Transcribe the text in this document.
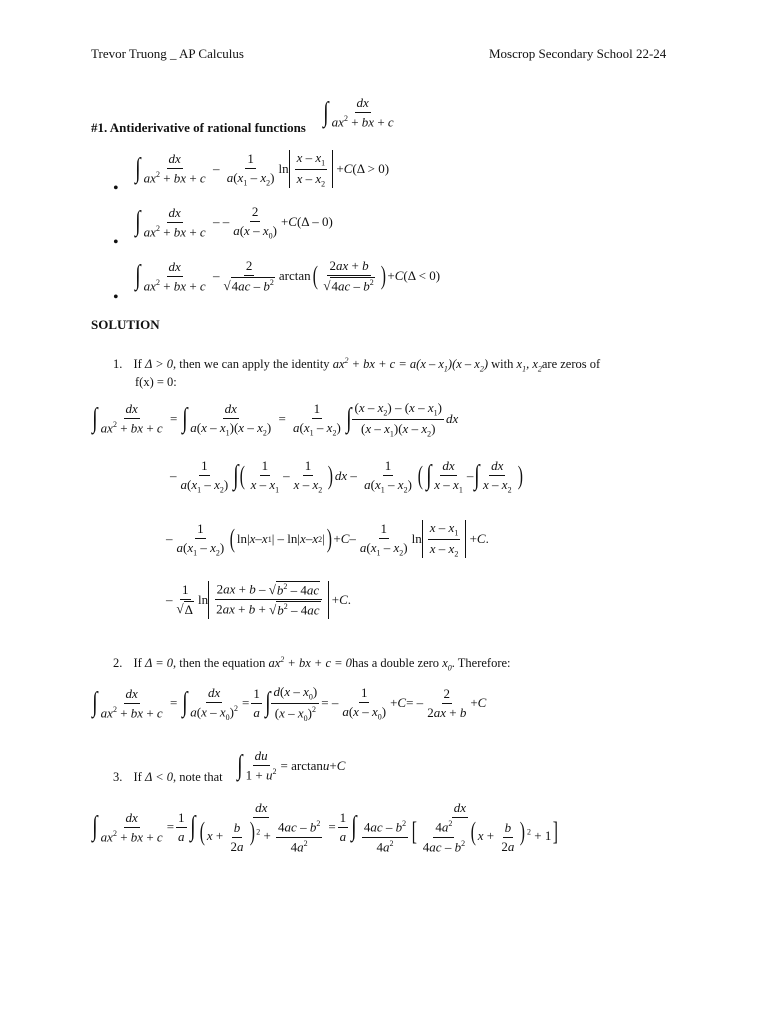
Trevor Truong _ AP Calculus	Moscrop Secondary School 22-24
#1. Antiderivative of rational functions ∫ $\frac{dx}{ax^2 + bx + c}$
•
∫ $\frac{dx}{ax^2 + bx + c} - \frac{1}{a(x_1 - x_2)}$ $\ln \frac{x - x_1}{x - x_2} + C$ (Δ > 0)
•
∫ $\frac{dx}{ax^2 + bx + c}$ – – $\frac{2}{a(x - x_0)} + C$ (Δ – 0)
•
∫ $\frac{dx}{ax^2 + bx + c} - \frac{2}{√ 4ac - b^2}$ arctan ( $\frac{2ax + b}{√ 4ac - b^2}$ ) + C (Δ < 0)
SOLUTION
1. If Δ > 0, then we can apply the identity $ax^2$ + bx + $c = a(x - x_1)(x - x_2)$ with $x_1$, $x_2are$ zeros of
f(x) = 0:
∫ $\frac{dx}{ax^2 + bx + c}$ = ∫ $\frac{dx}{a(x - x_1)(x - x_2)} = \frac{1}{a(x_1 - x_2)}$ ∫ $\frac{(x - x_2) - (x - x_1)}{(x - x_1)(x - x_2)}$ dx
– $\frac{1}{a(x_1 - x_2)}$ ∫ ( $\frac{1}{x - x_1} - \frac{1}{x - x_2}$ ) dx – $\frac{1}{a(x_1 - x_2)}$ ( ∫ $\frac{dx}{x - x_1}$ – ∫ $\frac{dx}{x - x_2}$ )
– $\frac{1}{a(x_1 - x_2)}$ ( ln| x – x 1 | – ln| x – x 2 | ) + C – $\frac{1}{a(x_1 - x_2)}$ $\ln \frac{x - x_1}{x - x_2} + C$ .
– $\frac{1}{√ \Delta}$ $\ln \frac{2ax + b - √ b^2 - 4ac}{2ax + b + √ b^2 - 4ac} + C$ .
2. If Δ = 0, then the equation $ax^2$ + bx + c = 0has a double zero $x_0$. Therefore:
∫ $\frac{dx}{ax^2 + bx + c}$ = ∫ $\frac{dx}{a(x - x_0)^2} = \frac{1}{a}$ ∫ $\frac{d(x - x_0)}{(x - x_0)^2}$ = – $\frac{1}{a(x - x_0)} + C$ = – $\frac{2}{2ax + b} + C$
3. If Δ < 0, note that ∫ $\frac{du}{1 + u^2} = \arctan u + C$
∫ $\frac{dx}{ax^2 + bx + c} = \frac{1}{a}$ ∫ $\frac{dx}{( x + \frac{b}{2a} ) ^2 + \frac{4ac - b^2}{4a^2}} = \frac{1}{a}$ ∫ $\frac{dx}{\frac{4ac - b^2}{4a^2} [ \frac{4a^2}{4ac - b^2} ( x + \frac{b}{2a} ) ^2 + 1]}$
